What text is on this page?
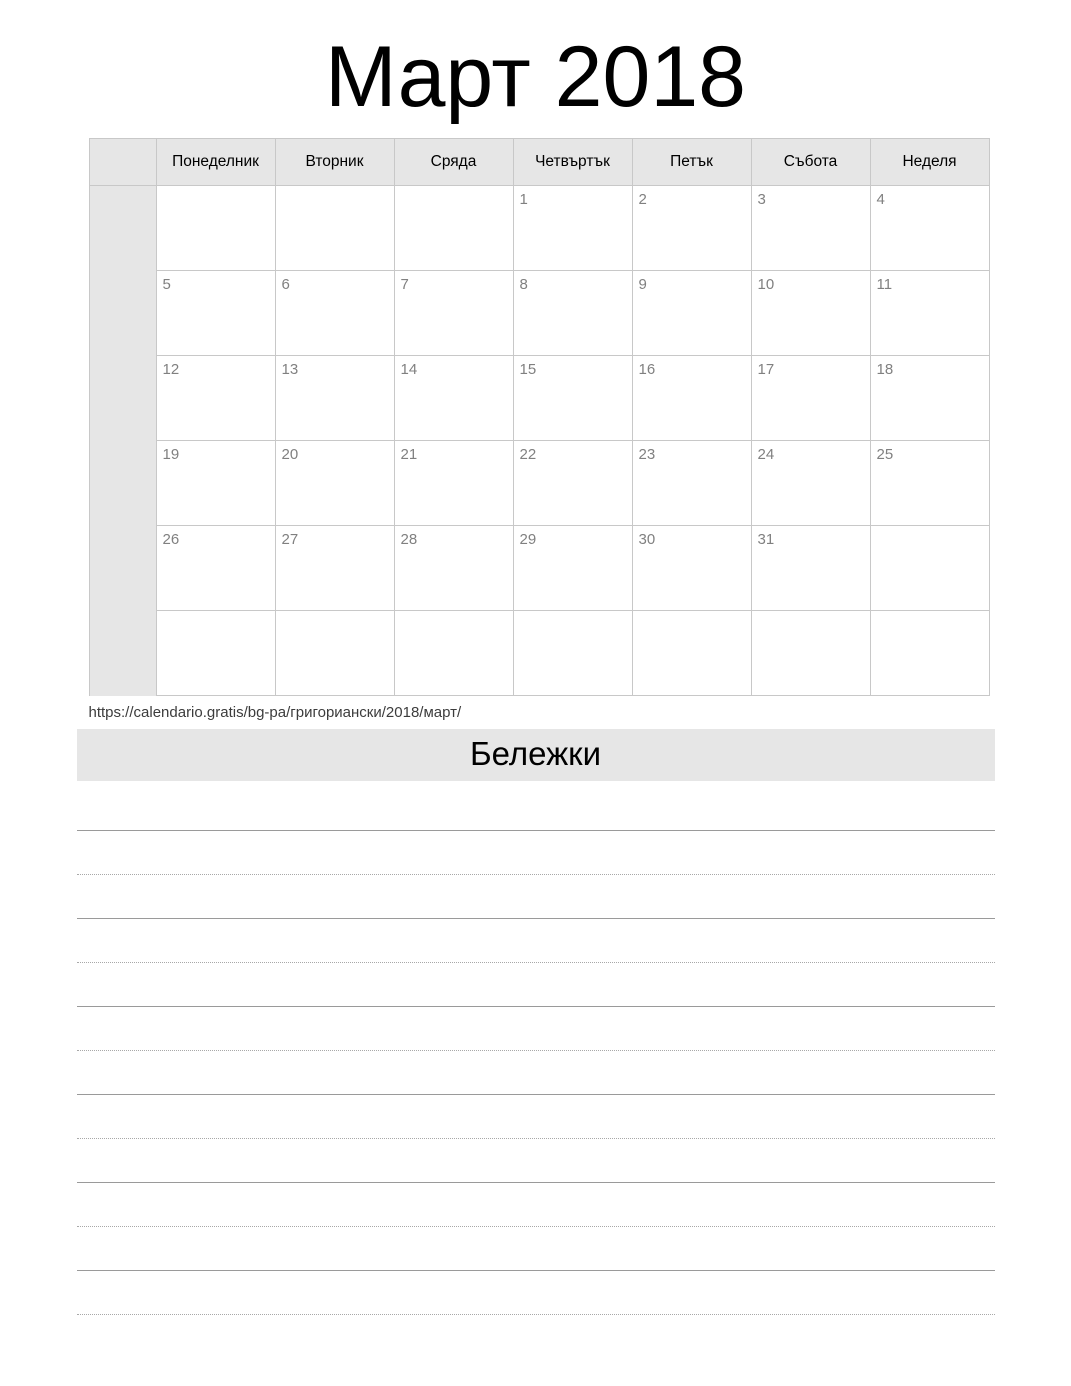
Март 2018
	Понеделник	Вторник	Сряда	Четвъртък	Петък	Събота	Неделя

				1	2	3	4

	5	6	7	8	9	10	11

	12	13	14	15	16	17	18

	19	20	21	22	23	24	25

	26	27	28	29	30	31	

https://calendario.gratis/bg-pa/григориански/2018/март/
Бележки
